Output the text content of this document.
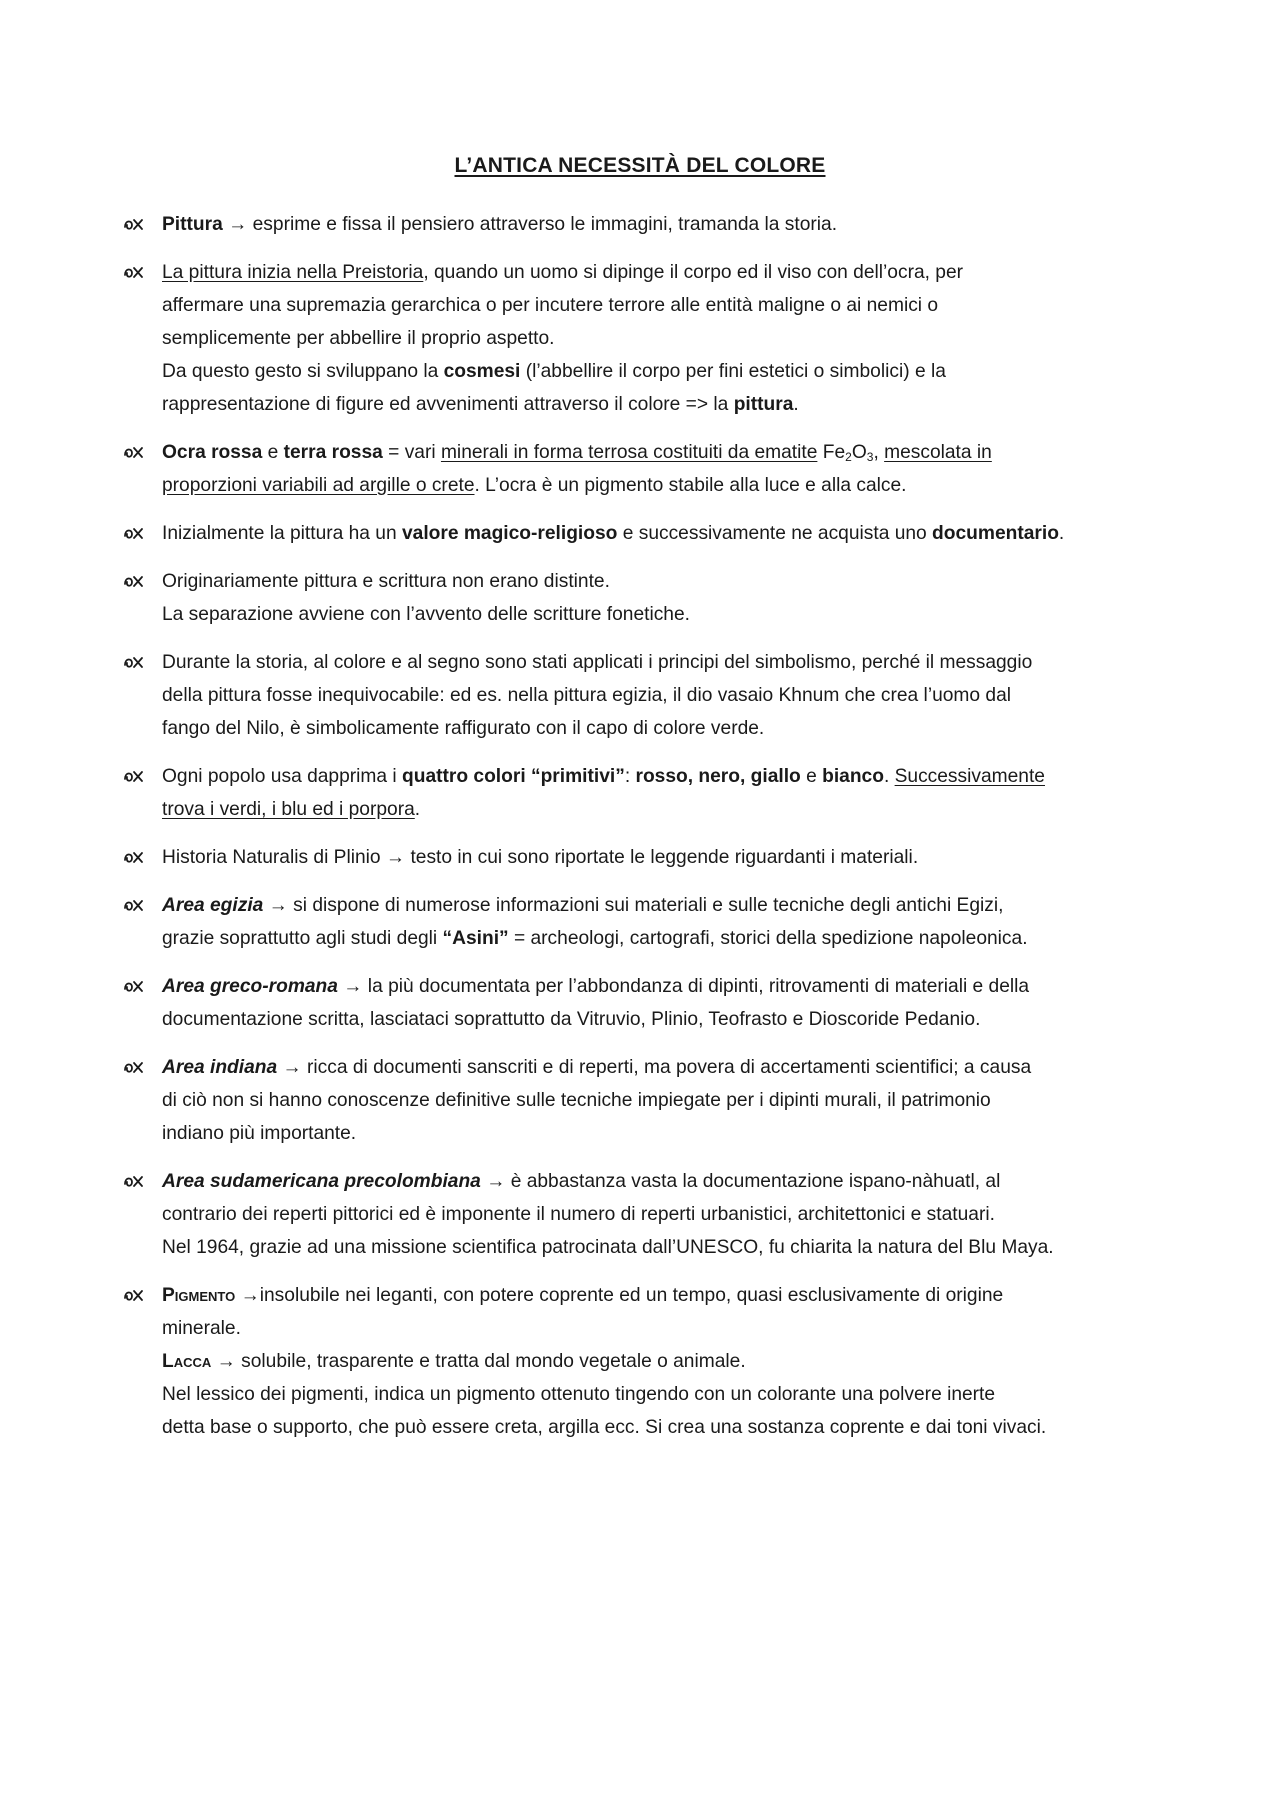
L’ANTICA NECESSITÀ DEL COLORE
Pittura → esprime e fissa il pensiero attraverso le immagini, tramanda la storia.
La pittura inizia nella Preistoria, quando un uomo si dipinge il corpo ed il viso con dell’ocra, per
affermare una supremazia gerarchica o per incutere terrore alle entità maligne o ai nemici o
semplicemente per abbellire il proprio aspetto.
Da questo gesto si sviluppano la cosmesi (l’abbellire il corpo per fini estetici o simbolici) e la
rappresentazione di figure ed avvenimenti attraverso il colore => la pittura.
Ocra rossa e terra rossa = vari minerali in forma terrosa costituiti da ematite $Fe_2O_3$, mescolata in
proporzioni variabili ad argille o crete. L’ocra è un pigmento stabile alla luce e alla calce.
Inizialmente la pittura ha un valore magico-religioso e successivamente ne acquista uno documentario.
Originariamente pittura e scrittura non erano distinte.
La separazione avviene con l’avvento delle scritture fonetiche.
Durante la storia, al colore e al segno sono stati applicati i principi del simbolismo, perché il messaggio
della pittura fosse inequivocabile: ed es. nella pittura egizia, il dio vasaio Khnum che crea l’uomo dal
fango del Nilo, è simbolicamente raffigurato con il capo di colore verde.
Ogni popolo usa dapprima i quattro colori “primitivi”: rosso, nero, giallo e bianco. Successivamente
trova i verdi, i blu ed i porpora.
Historia Naturalis di Plinio → testo in cui sono riportate le leggende riguardanti i materiali.
Area egizia → si dispone di numerose informazioni sui materiali e sulle tecniche degli antichi Egizi,
grazie soprattutto agli studi degli “Asini” = archeologi, cartografi, storici della spedizione napoleonica.
Area greco-romana → la più documentata per l’abbondanza di dipinti, ritrovamenti di materiali e della
documentazione scritta, lasciataci soprattutto da Vitruvio, Plinio, Teofrasto e Dioscoride Pedanio.
Area indiana → ricca di documenti sanscriti e di reperti, ma povera di accertamenti scientifici; a causa
di ciò non si hanno conoscenze definitive sulle tecniche impiegate per i dipinti murali, il patrimonio
indiano più importante.
Area sudamericana precolombiana → è abbastanza vasta la documentazione ispano-nàhuatl, al
contrario dei reperti pittorici ed è imponente il numero di reperti urbanistici, architettonici e statuari.
Nel 1964, grazie ad una missione scientifica patrocinata dall’UNESCO, fu chiarita la natura del Blu Maya.
Pigmento →insolubile nei leganti, con potere coprente ed un tempo, quasi esclusivamente di origine
minerale.
Lacca → solubile, trasparente e tratta dal mondo vegetale o animale.
Nel lessico dei pigmenti, indica un pigmento ottenuto tingendo con un colorante una polvere inerte
detta base o supporto, che può essere creta, argilla ecc. Si crea una sostanza coprente e dai toni vivaci.
